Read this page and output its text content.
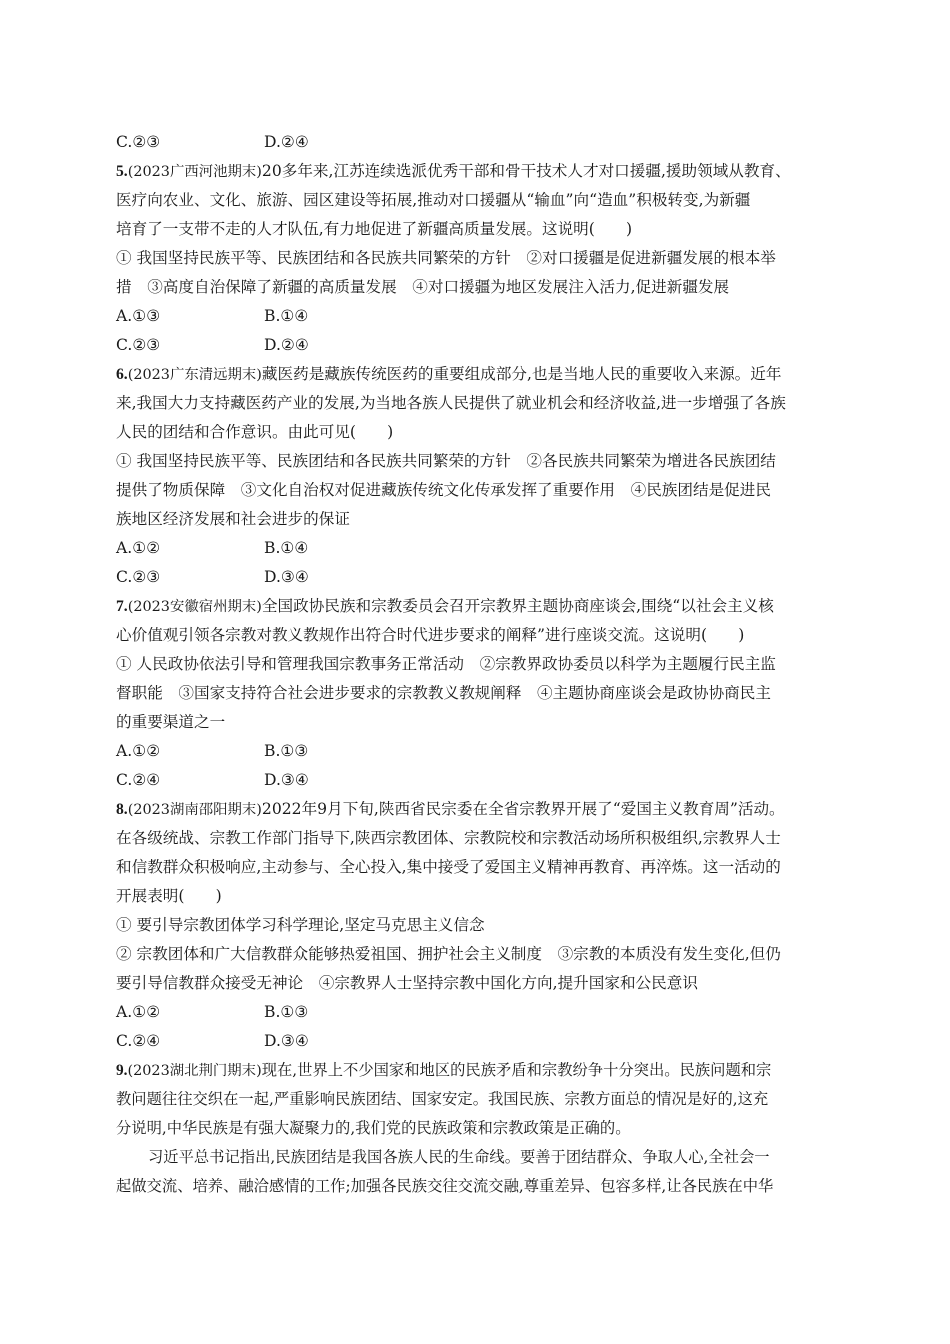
C.②③	D.②④
5.(2023广西河池期末)20多年来,江苏连续选派优秀干部和骨干技术人才对口援疆,援助领域从教育、
医疗向农业、文化、旅游、园区建设等拓展,推动对口援疆从“输血”向“造血”积极转变,为新疆
培育了一支带不走的人才队伍,有力地促进了新疆高质量发展。这说明(　　)
① 我国坚持民族平等、民族团结和各民族共同繁荣的方针　②对口援疆是促进新疆发展的根本举
措　③高度自治保障了新疆的高质量发展　④对口援疆为地区发展注入活力,促进新疆发展
A.①③	B.①④
C.②③	D.②④
6.(2023广东清远期末)藏医药是藏族传统医药的重要组成部分,也是当地人民的重要收入来源。近年
来,我国大力支持藏医药产业的发展,为当地各族人民提供了就业机会和经济收益,进一步增强了各族
人民的团结和合作意识。由此可见(　　)
① 我国坚持民族平等、民族团结和各民族共同繁荣的方针　②各民族共同繁荣为增进各民族团结
提供了物质保障　③文化自治权对促进藏族传统文化传承发挥了重要作用　④民族团结是促进民
族地区经济发展和社会进步的保证
A.①②	B.①④
C.②③	D.③④
7.(2023安徽宿州期末)全国政协民族和宗教委员会召开宗教界主题协商座谈会,围绕“以社会主义核
心价值观引领各宗教对教义教规作出符合时代进步要求的阐释”进行座谈交流。这说明(　　)
① 人民政协依法引导和管理我国宗教事务正常活动　②宗教界政协委员以科学为主题履行民主监
督职能　③国家支持符合社会进步要求的宗教教义教规阐释　④主题协商座谈会是政协协商民主
的重要渠道之一
A.①②	B.①③
C.②④	D.③④
8.(2023湖南邵阳期末)2022年9月下旬,陕西省民宗委在全省宗教界开展了“爱国主义教育周”活动。
在各级统战、宗教工作部门指导下,陕西宗教团体、宗教院校和宗教活动场所积极组织,宗教界人士
和信教群众积极响应,主动参与、全心投入,集中接受了爱国主义精神再教育、再淬炼。这一活动的
开展表明(　　)
① 要引导宗教团体学习科学理论,坚定马克思主义信念
② 宗教团体和广大信教群众能够热爱祖国、拥护社会主义制度　③宗教的本质没有发生变化,但仍
要引导信教群众接受无神论　④宗教界人士坚持宗教中国化方向,提升国家和公民意识
A.①②	B.①③
C.②④	D.③④
9.(2023湖北荆门期末)现在,世界上不少国家和地区的民族矛盾和宗教纷争十分突出。民族问题和宗
教问题往往交织在一起,严重影响民族团结、国家安定。我国民族、宗教方面总的情况是好的,这充
分说明,中华民族是有强大凝聚力的,我们党的民族政策和宗教政策是正确的。
习近平总书记指出,民族团结是我国各族人民的生命线。要善于团结群众、争取人心,全社会一
起做交流、培养、融洽感情的工作;加强各民族交往交流交融,尊重差异、包容多样,让各民族在中华
